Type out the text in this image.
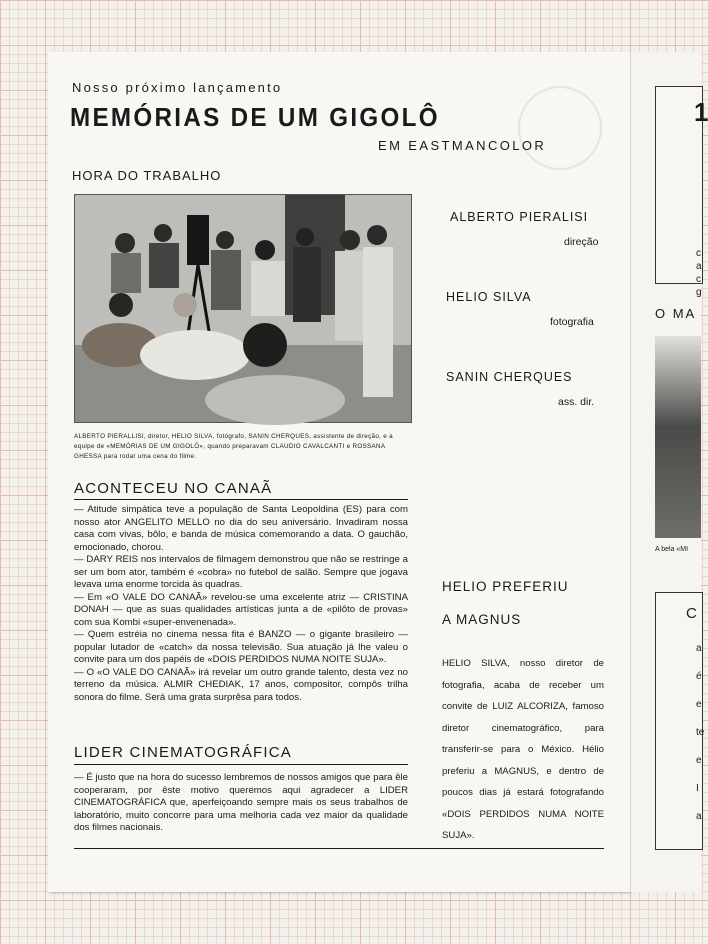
Nosso próximo lançamento
MEMÓRIAS DE UM GIGOLÔ
EM EASTMANCOLOR
HORA DO TRABALHO
ALBERTO PIERALLISI, diretor, HELIO SILVA, fotógrafo, SANIN CHERQUES, assistente de direção, e a equipe de «MEMÓRIAS DE UM GIGOLÔ», quando preparavam CLAUDIO CAVALCANTI e ROSSANA GHESSA para rodar uma cena do filme.
ALBERTO PIERALISI
direção
HELIO SILVA
fotografia
SANIN CHERQUES
ass. dir.
ACONTECEU NO CANAÃ

— Atitude simpática teve a população de Santa Leopoldina (ES) para com nosso ator ANGELITO MELLO no dia do seu aniversário. Invadiram nossa casa com vivas, bôlo, e banda de música comemorando a data. O gauchão, emocionado, chorou.

— DARY REIS nos intervalos de filmagem demonstrou que não se restringe a ser um bom ator, também é «cobra» no futebol de salão. Sempre que jogava levava uma enorme torcida às quadras.

— Em «O VALE DO CANAÃ» revelou-se uma excelente atriz — CRISTINA DONAH — que as suas qualidades artísticas junta a de «pilôto de provas» com sua Kombi «super-envenenada».

— Quem estréia no cinema nessa fita é BANZO — o gigante brasileiro — popular lutador de «catch» da nossa televisão. Sua atuação já lhe valeu o convite para um dos papéis de «DOIS PERDIDOS NUMA NOITE SUJA».

— O «O VALE DO CANAÃ» irá revelar um outro grande talento, desta vez no terreno da música. ALMIR CHEDIAK, 17 anos, compositor, compôs trilha sonora do filme. Será uma grata surprêsa para todos.

LIDER CINEMATOGRÁFICA

— É justo que na hora do sucesso lembremos de nossos amigos que para êle cooperaram, por êste motivo queremos aqui agradecer a LIDER CINEMATOGRÁFICA que, aperfeiçoando sempre mais os seus trabalhos de laboratório, muito concorre para uma melhoria cada vez maior da qualidade dos filmes nacionais.

HELIO PREFERIU
A MAGNUS

HELIO SILVA, nosso diretor de fotografia, acaba de receber um convite de LUIZ ALCORIZA, famoso diretor cinematográfico, para transferir-se para o México. Hélio preferiu a MAGNUS, e dentro de poucos dias já estará fotografando «DOIS PERDIDOS NUMA NOITE SUJA».

1
c
a
c
g
O MA
A bela «MI
C
a
é
e
te
e
I
a
